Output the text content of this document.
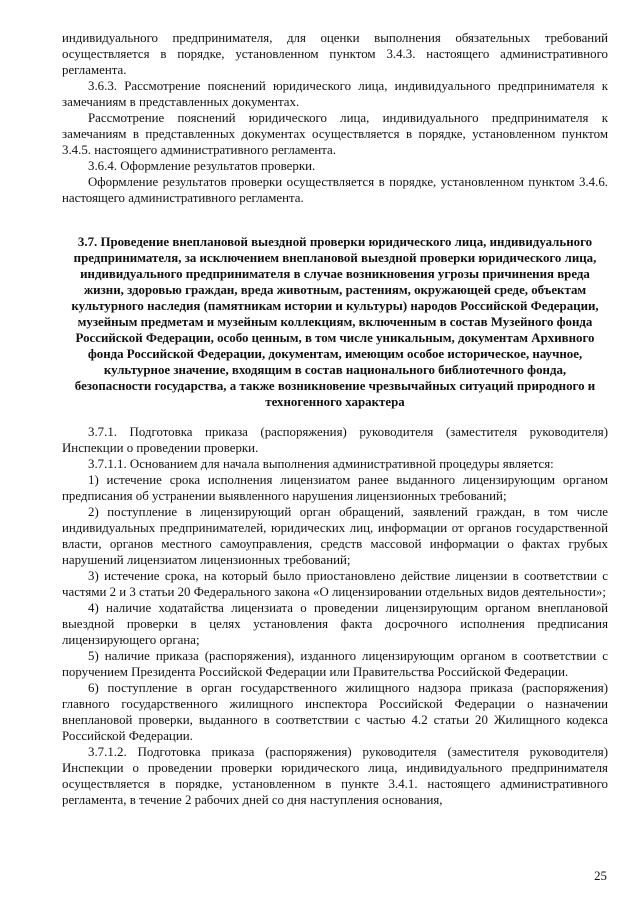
индивидуального предпринимателя, для оценки выполнения обязательных требований осуществляется в порядке, установленном пунктом 3.4.3. настоящего административного регламента.

3.6.3. Рассмотрение пояснений юридического лица, индивидуального предпринимателя к замечаниям в представленных документах.

Рассмотрение пояснений юридического лица, индивидуального предпринимателя к замечаниям в представленных документах осуществляется в порядке, установленном пунктом 3.4.5. настоящего административного регламента.

3.6.4. Оформление результатов проверки.

Оформление результатов проверки осуществляется в порядке, установленном пунктом 3.4.6. настоящего административного регламента.

3.7. Проведение внеплановой выездной проверки юридического лица, индивидуального предпринимателя, за исключением внеплановой выездной проверки юридического лица, индивидуального предпринимателя в случае возникновения угрозы причинения вреда жизни, здоровью граждан, вреда животным, растениям, окружающей среде, объектам культурного наследия (памятникам истории и культуры) народов Российской Федерации, музейным предметам и музейным коллекциям, включенным в состав Музейного фонда Российской Федерации, особо ценным, в том числе уникальным, документам Архивного фонда Российской Федерации, документам, имеющим особое историческое, научное, культурное значение, входящим в состав национального библиотечного фонда, безопасности государства, а также возникновение чрезвычайных ситуаций природного и техногенного характера

3.7.1. Подготовка приказа (распоряжения) руководителя (заместителя руководителя) Инспекции о проведении проверки.

3.7.1.1. Основанием для начала выполнения административной процедуры является:

1) истечение срока исполнения лицензиатом ранее выданного лицензирующим органом предписания об устранении выявленного нарушения лицензионных требований;

2) поступление в лицензирующий орган обращений, заявлений граждан, в том числе индивидуальных предпринимателей, юридических лиц, информации от органов государственной власти, органов местного самоуправления, средств массовой информации о фактах грубых нарушений лицензиатом лицензионных требований;

3) истечение срока, на который было приостановлено действие лицензии в соответствии с частями 2 и 3 статьи 20 Федерального закона «О лицензировании отдельных видов деятельности»;

4) наличие ходатайства лицензиата о проведении лицензирующим органом внеплановой выездной проверки в целях установления факта досрочного исполнения предписания лицензирующего органа;

5) наличие приказа (распоряжения), изданного лицензирующим органом в соответствии с поручением Президента Российской Федерации или Правительства Российской Федерации.

6) поступление в орган государственного жилищного надзора приказа (распоряжения) главного государственного жилищного инспектора Российской Федерации о назначении внеплановой проверки, выданного в соответствии с частью 4.2 статьи 20 Жилищного кодекса Российской Федерации.

3.7.1.2. Подготовка приказа (распоряжения) руководителя (заместителя руководителя) Инспекции о проведении проверки юридического лица, индивидуального предпринимателя осуществляется в порядке, установленном в пункте 3.4.1. настоящего административного регламента, в течение 2 рабочих дней со дня наступления основания,

25
